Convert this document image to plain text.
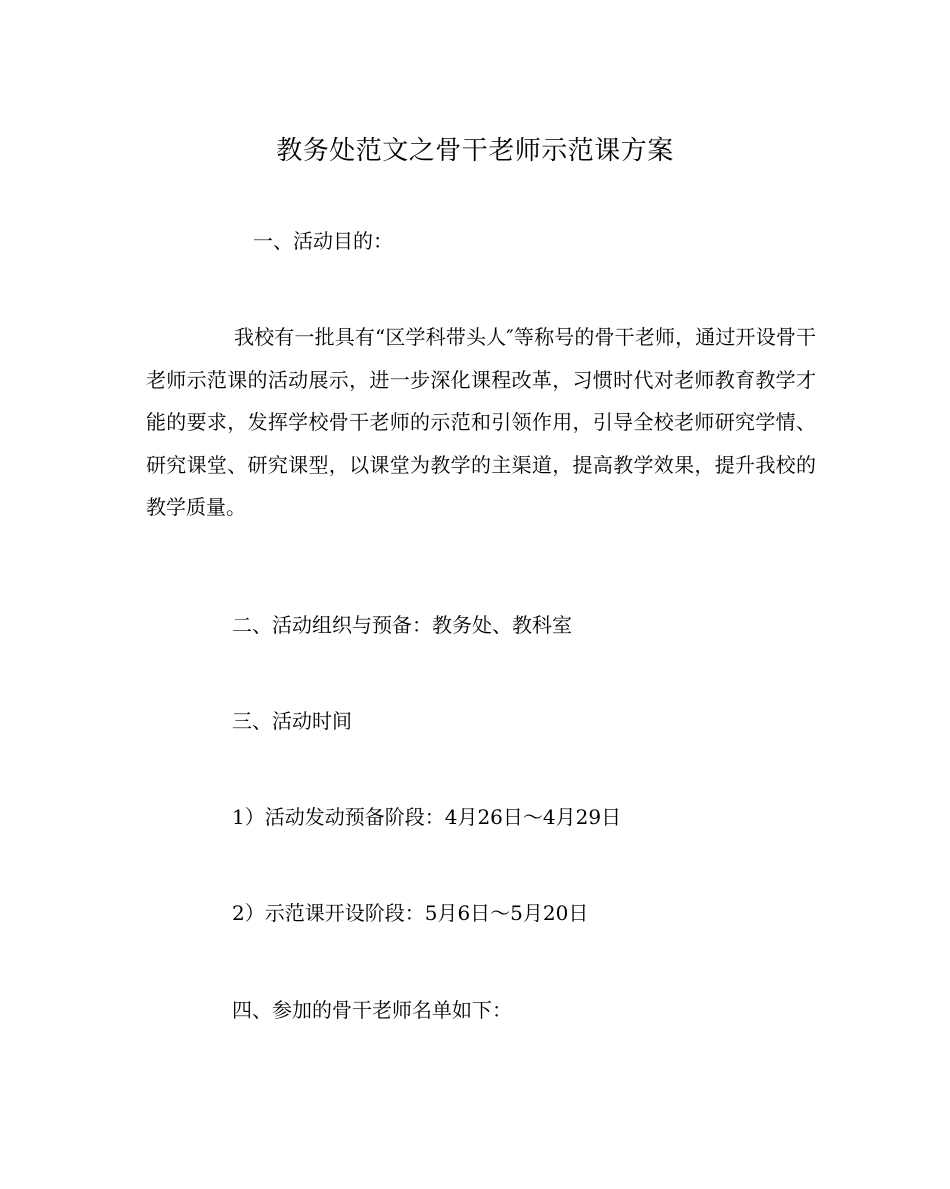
教务处范文之骨干老师示范课方案
一、活动目的：

我校有一批具有“区学科带头人″等称号的骨干老师，通过开设骨干老师示范课的活动展示，进一步深化课程改革，习惯时代对老师教育教学才能的要求，发挥学校骨干老师的示范和引领作用，引导全校老师研究学情、研究课堂、研究课型，以课堂为教学的主渠道，提高教学效果，提升我校的教学质量。

二、活动组织与预备：教务处、教科室
三、活动时间
1）活动发动预备阶段：4月26日～4月29日
2）示范课开设阶段：5月6日～5月20日
四、参加的骨干老师名单如下：
